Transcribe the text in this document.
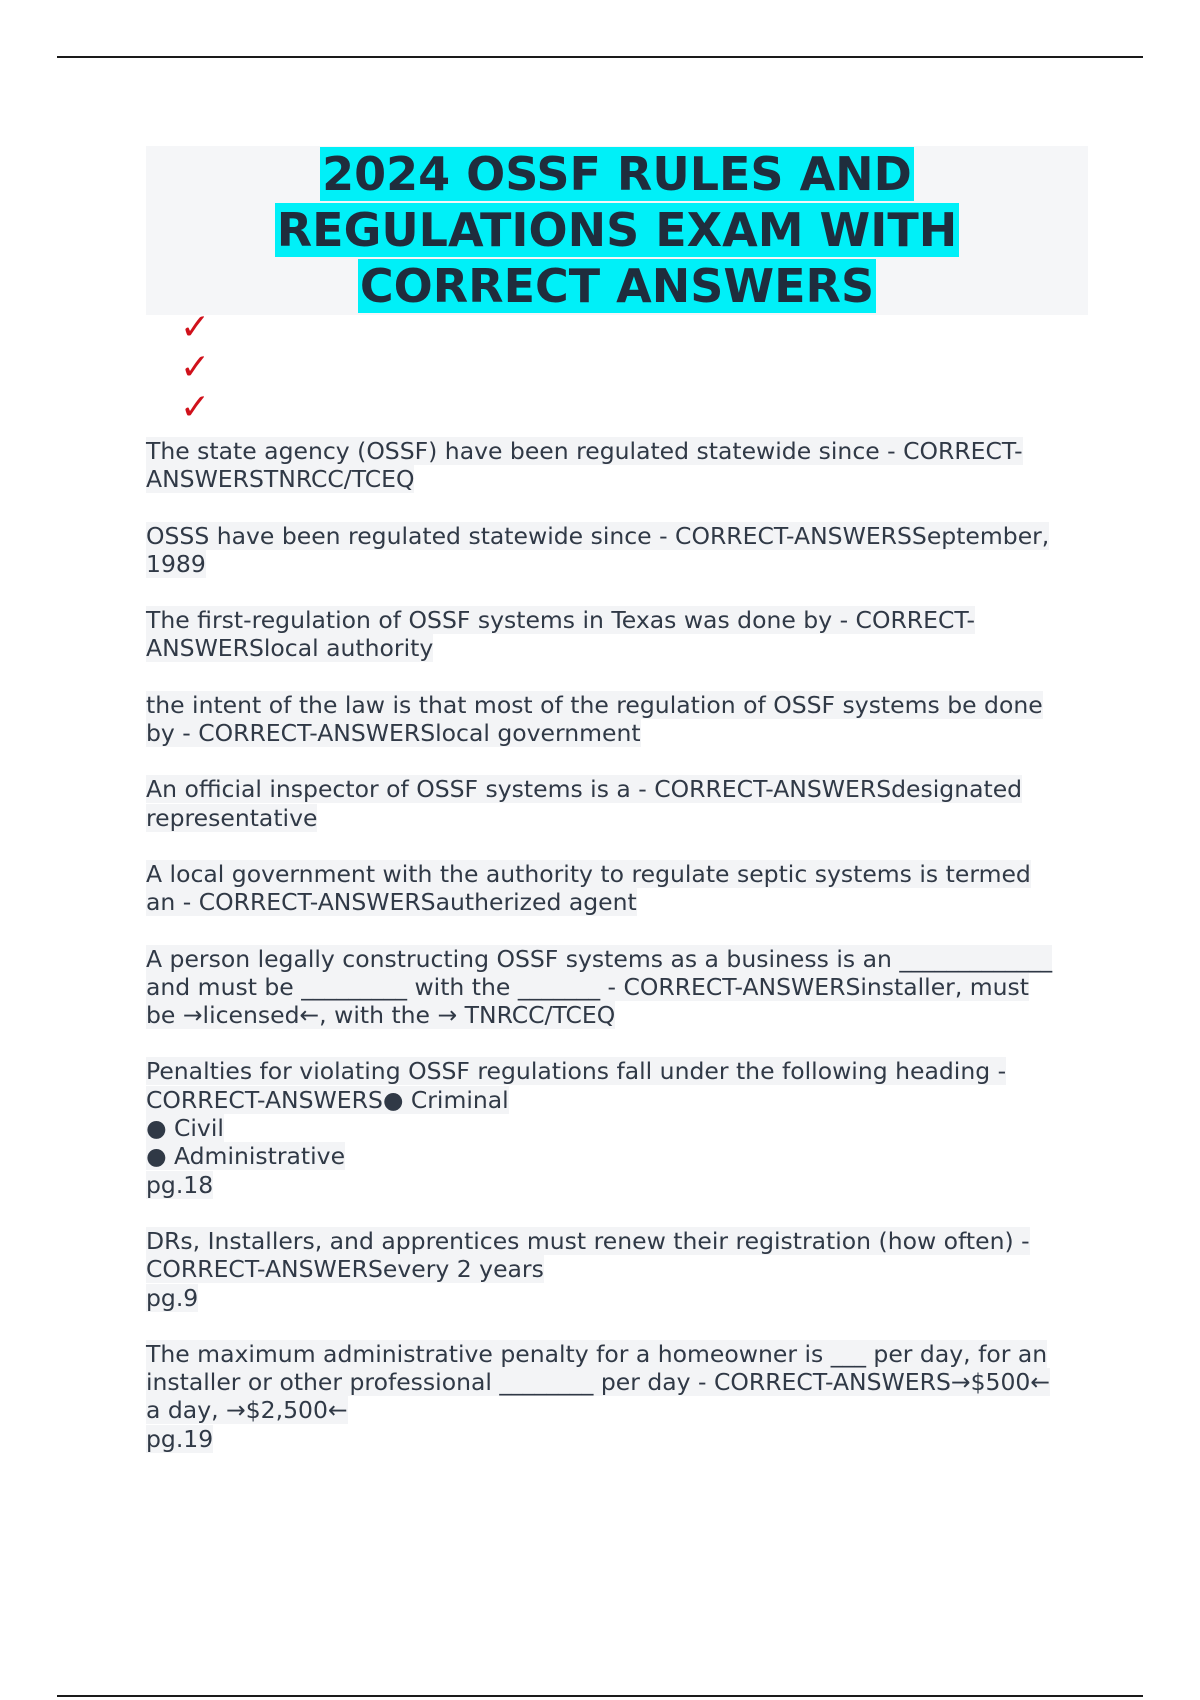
2024 OSSF RULES AND
REGULATIONS EXAM WITH
CORRECT ANSWERS
✓
✓
✓
The state agency (OSSF) have been regulated statewide since - CORRECT-
ANSWERSTNRCC/TCEQ
OSSS have been regulated statewide since - CORRECT-ANSWERSSeptember,
1989
The first-regulation of OSSF systems in Texas was done by - CORRECT-
ANSWERSlocal authority
the intent of the law is that most of the regulation of OSSF systems be done
by - CORRECT-ANSWERSlocal government
An official inspector of OSSF systems is a - CORRECT-ANSWERSdesignated
representative
A local government with the authority to regulate septic systems is termed
an - CORRECT-ANSWERSautherized agent
A person legally constructing OSSF systems as a business is an _____________
and must be _________ with the _______ - CORRECT-ANSWERSinstaller, must
be →licensed←, with the → TNRCC/TCEQ
Penalties for violating OSSF regulations fall under the following heading -
CORRECT-ANSWERS● Criminal
● Civil
● Administrative
pg.18
DRs, Installers, and apprentices must renew their registration (how often) -
CORRECT-ANSWERSevery 2 years
pg.9
The maximum administrative penalty for a homeowner is ___ per day, for an
installer or other professional ________ per day - CORRECT-ANSWERS→$500←
a day, →$2,500←
pg.19
